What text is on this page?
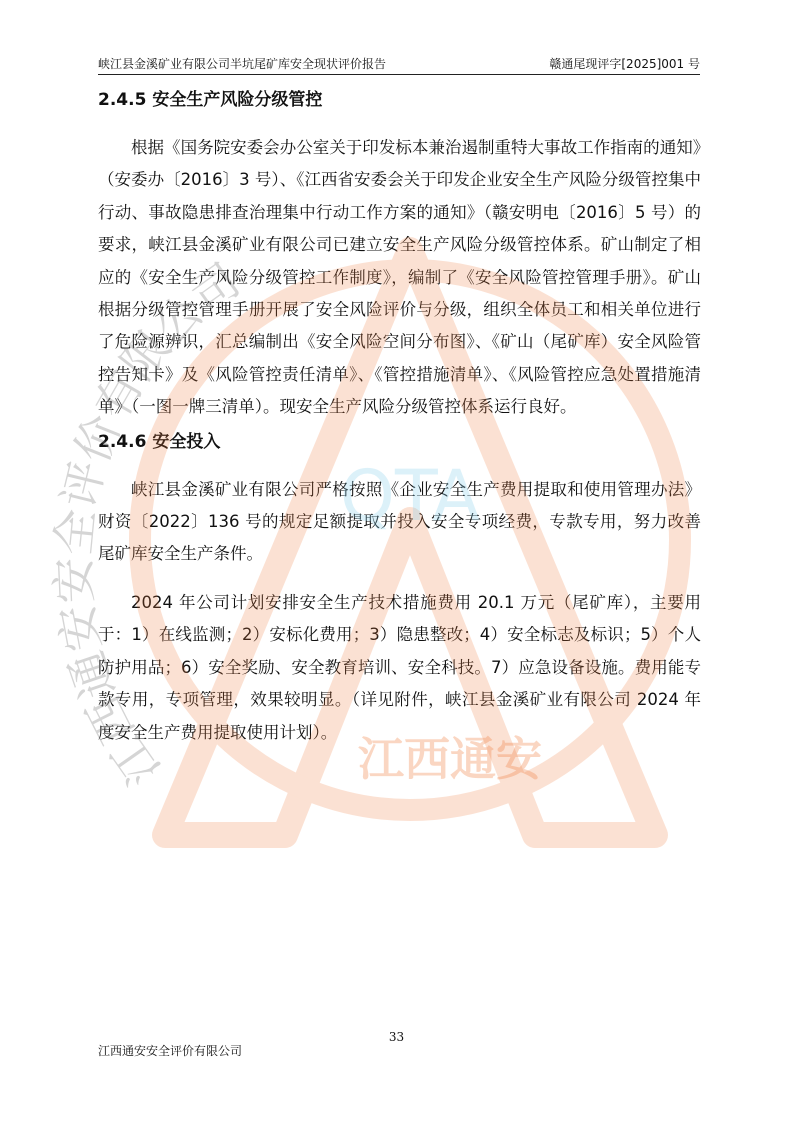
峡江县金溪矿业有限公司半坑尾矿库安全现状评价报告	赣通尾现评字[2025]001 号
2.4.5 安全生产风险分级管控

根据《国务院安委会办公室关于印发标本兼治遏制重特大事故工作指南的通知》（安委办〔2016〕3 号）、《江西省安委会关于印发企业安全生产风险分级管控集中行动、事故隐患排查治理集中行动工作方案的通知》（赣安明电〔2016〕5 号）的要求，峡江县金溪矿业有限公司已建立安全生产风险分级管控体系。矿山制定了相应的《安全生产风险分级管控工作制度》，编制了《安全风险管控管理手册》。矿山根据分级管控管理手册开展了安全风险评价与分级，组织全体员工和相关单位进行了危险源辨识，汇总编制出《安全风险空间分布图》、《矿山（尾矿库）安全风险管控告知卡》及《风险管控责任清单》、《管控措施清单》、《风险管控应急处置措施清单》（一图一牌三清单）。现安全生产风险分级管控体系运行良好。

2.4.6 安全投入

峡江县金溪矿业有限公司严格按照《企业安全生产费用提取和使用管理办法》财资〔2022〕136 号的规定足额提取并投入安全专项经费，专款专用，努力改善尾矿库安全生产条件。

2024 年公司计划安排安全生产技术措施费用 20.1 万元（尾矿库），主要用于：1）在线监测；2）安标化费用；3）隐患整改；4）安全标志及标识；5）个人防护用品；6）安全奖励、安全教育培训、安全科技。7）应急设备设施。费用能专款专用，专项管理，效果较明显。（详见附件，峡江县金溪矿业有限公司 2024 年度安全生产费用提取使用计划）。

33
江西通安安全评价有限公司
江西通安安全评价有限公司
QTA
江西通安
